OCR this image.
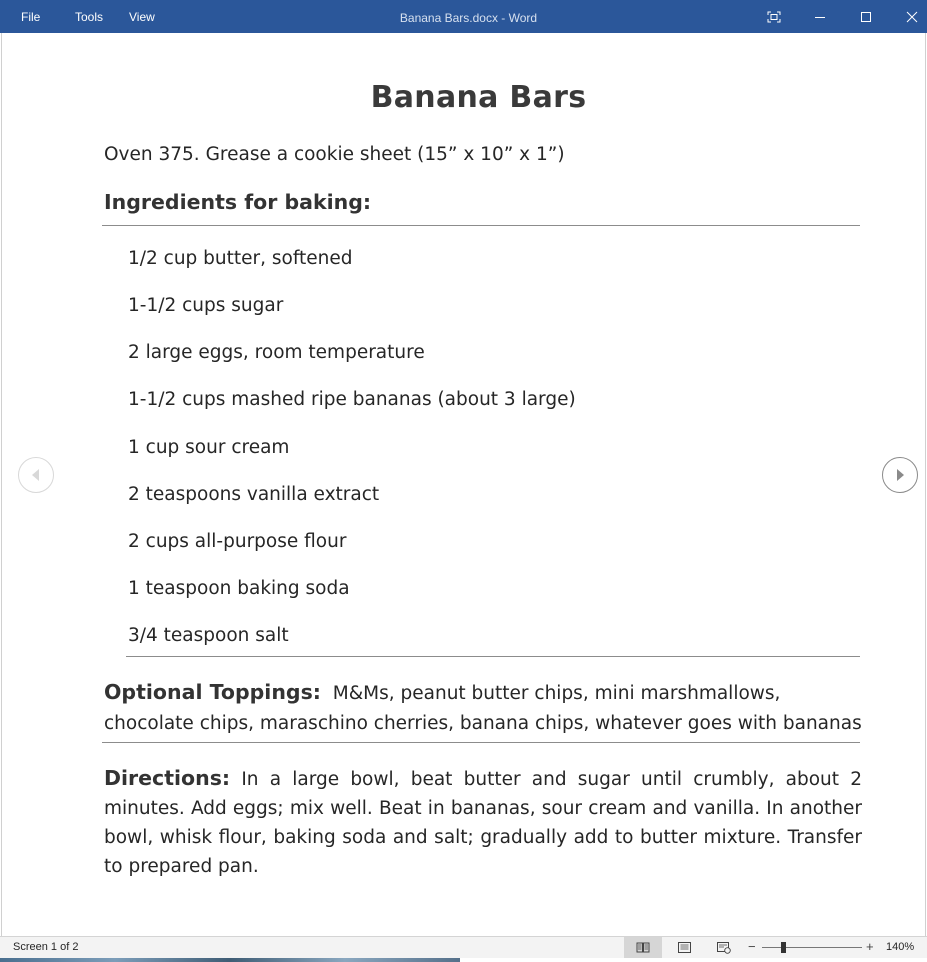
File	Tools View	Banana Bars.docx - Word
Banana Bars
Oven 375. Grease a cookie sheet (15” x 10” x 1”)
Ingredients for baking:
1/2 cup butter, softened
1-1/2 cups sugar
2 large eggs, room temperature
1-1/2 cups mashed ripe bananas (about 3 large)
1 cup sour cream
2 teaspoons vanilla extract
2 cups all-purpose flour
1 teaspoon baking soda
3/4 teaspoon salt
Optional Toppings: M&Ms, peanut butter chips, mini marshmallows, chocolate chips, maraschino cherries, banana chips, whatever goes with bananas
Directions: In a large bowl, beat butter and sugar until crumbly, about 2 minutes. Add eggs; mix well. Beat in bananas, sour cream and vanilla. In another bowl, whisk flour, baking soda and salt; gradually add to butter mixture. Transfer to prepared pan.
Screen 1 of 2	−	+ 140%
